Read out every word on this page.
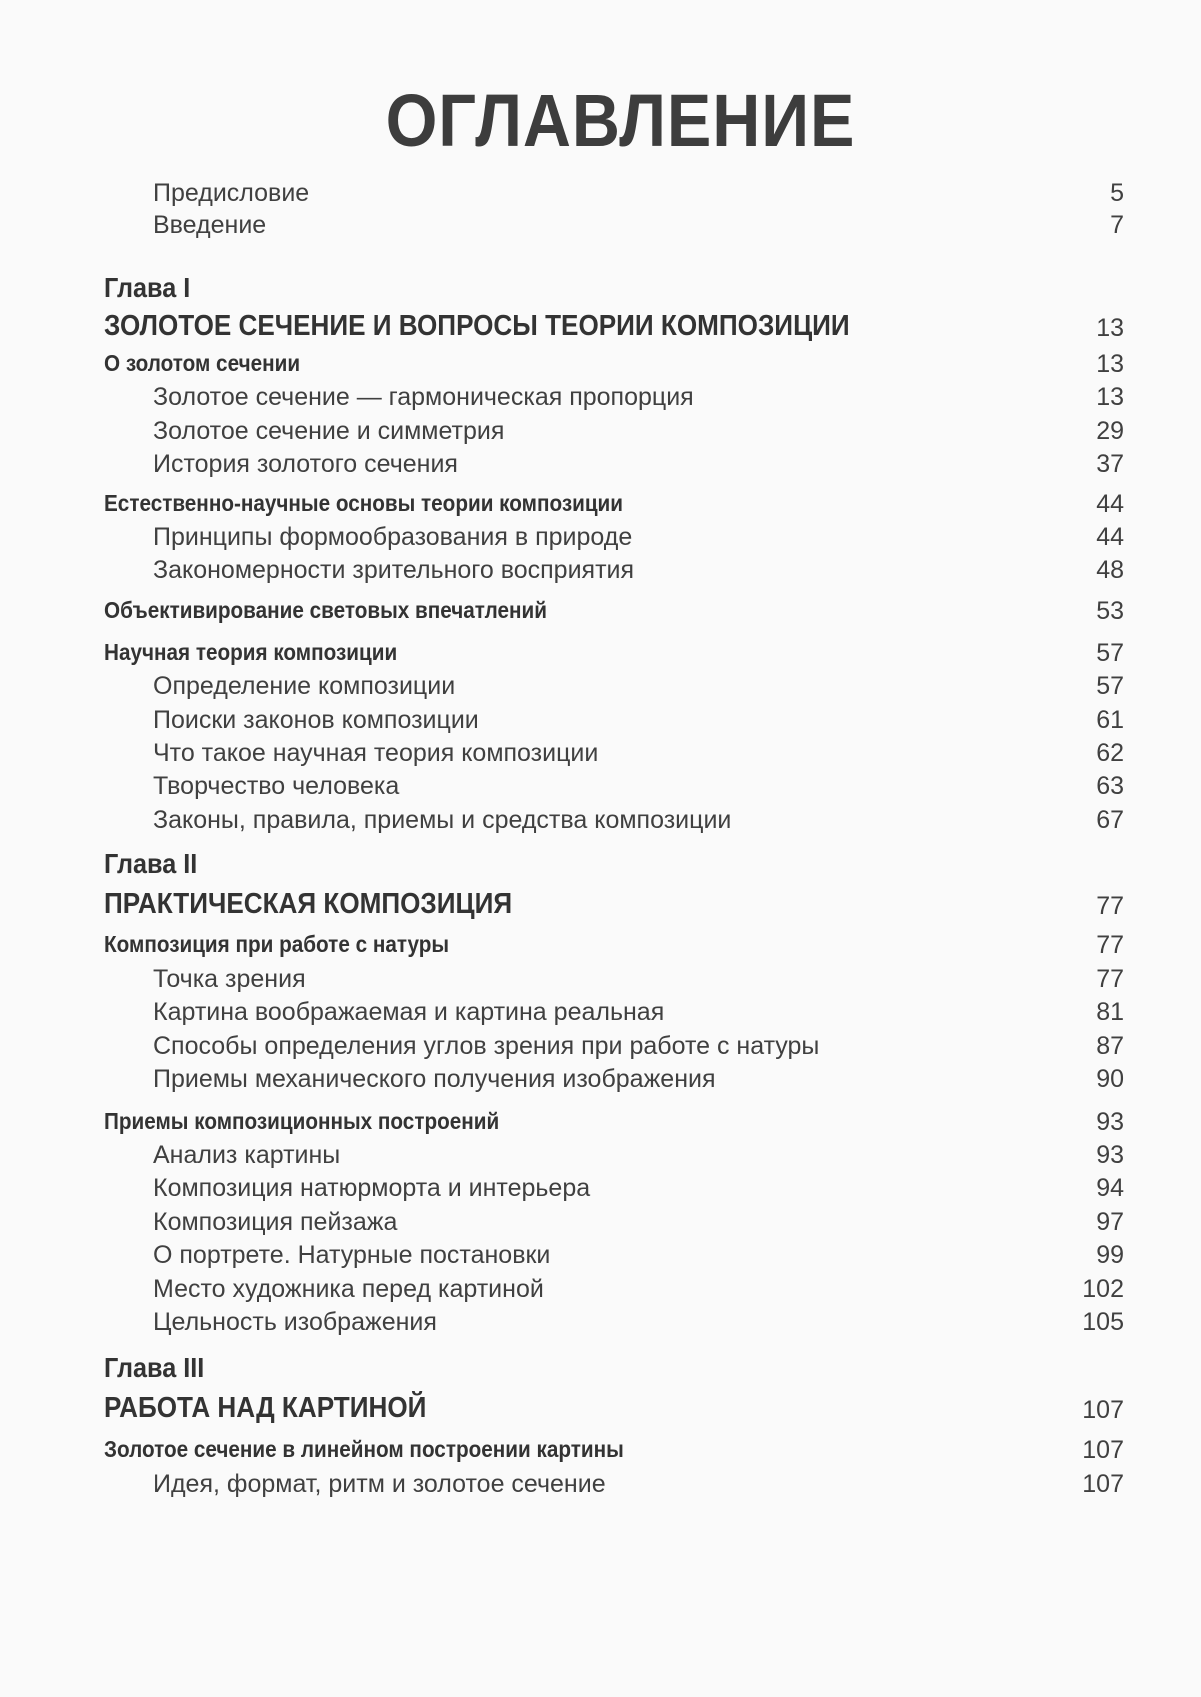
ОГЛАВЛЕНИЕ
Предисловие	5
Введение	7
Глава I
ЗОЛОТОЕ СЕЧЕНИЕ И ВОПРОСЫ ТЕОРИИ КОМПОЗИЦИИ	13
О золотом сечении	13
Золотое сечение — гармоническая пропорция	13
Золотое сечение и симметрия	29
История золотого сечения	37
Естественно-научные основы теории композиции	44
Принципы формообразования в природе	44
Закономерности зрительного восприятия	48
Объективирование световых впечатлений	53
Научная теория композиции	57
Определение композиции	57
Поиски законов композиции	61
Что такое научная теория композиции	62
Творчество человека	63
Законы, правила, приемы и средства композиции	67
Глава II
ПРАКТИЧЕСКАЯ КОМПОЗИЦИЯ	77
Композиция при работе с натуры	77
Точка зрения	77
Картина воображаемая и картина реальная	81
Способы определения углов зрения при работе с натуры	87
Приемы механического получения изображения	90
Приемы композиционных построений	93
Анализ картины	93
Композиция натюрморта и интерьера	94
Композиция пейзажа	97
О портрете. Натурные постановки	99
Место художника перед картиной	102
Цельность изображения	105
Глава III
РАБОТА НАД КАРТИНОЙ	107
Золотое сечение в линейном построении картины	107
Идея, формат, ритм и золотое сечение	107
